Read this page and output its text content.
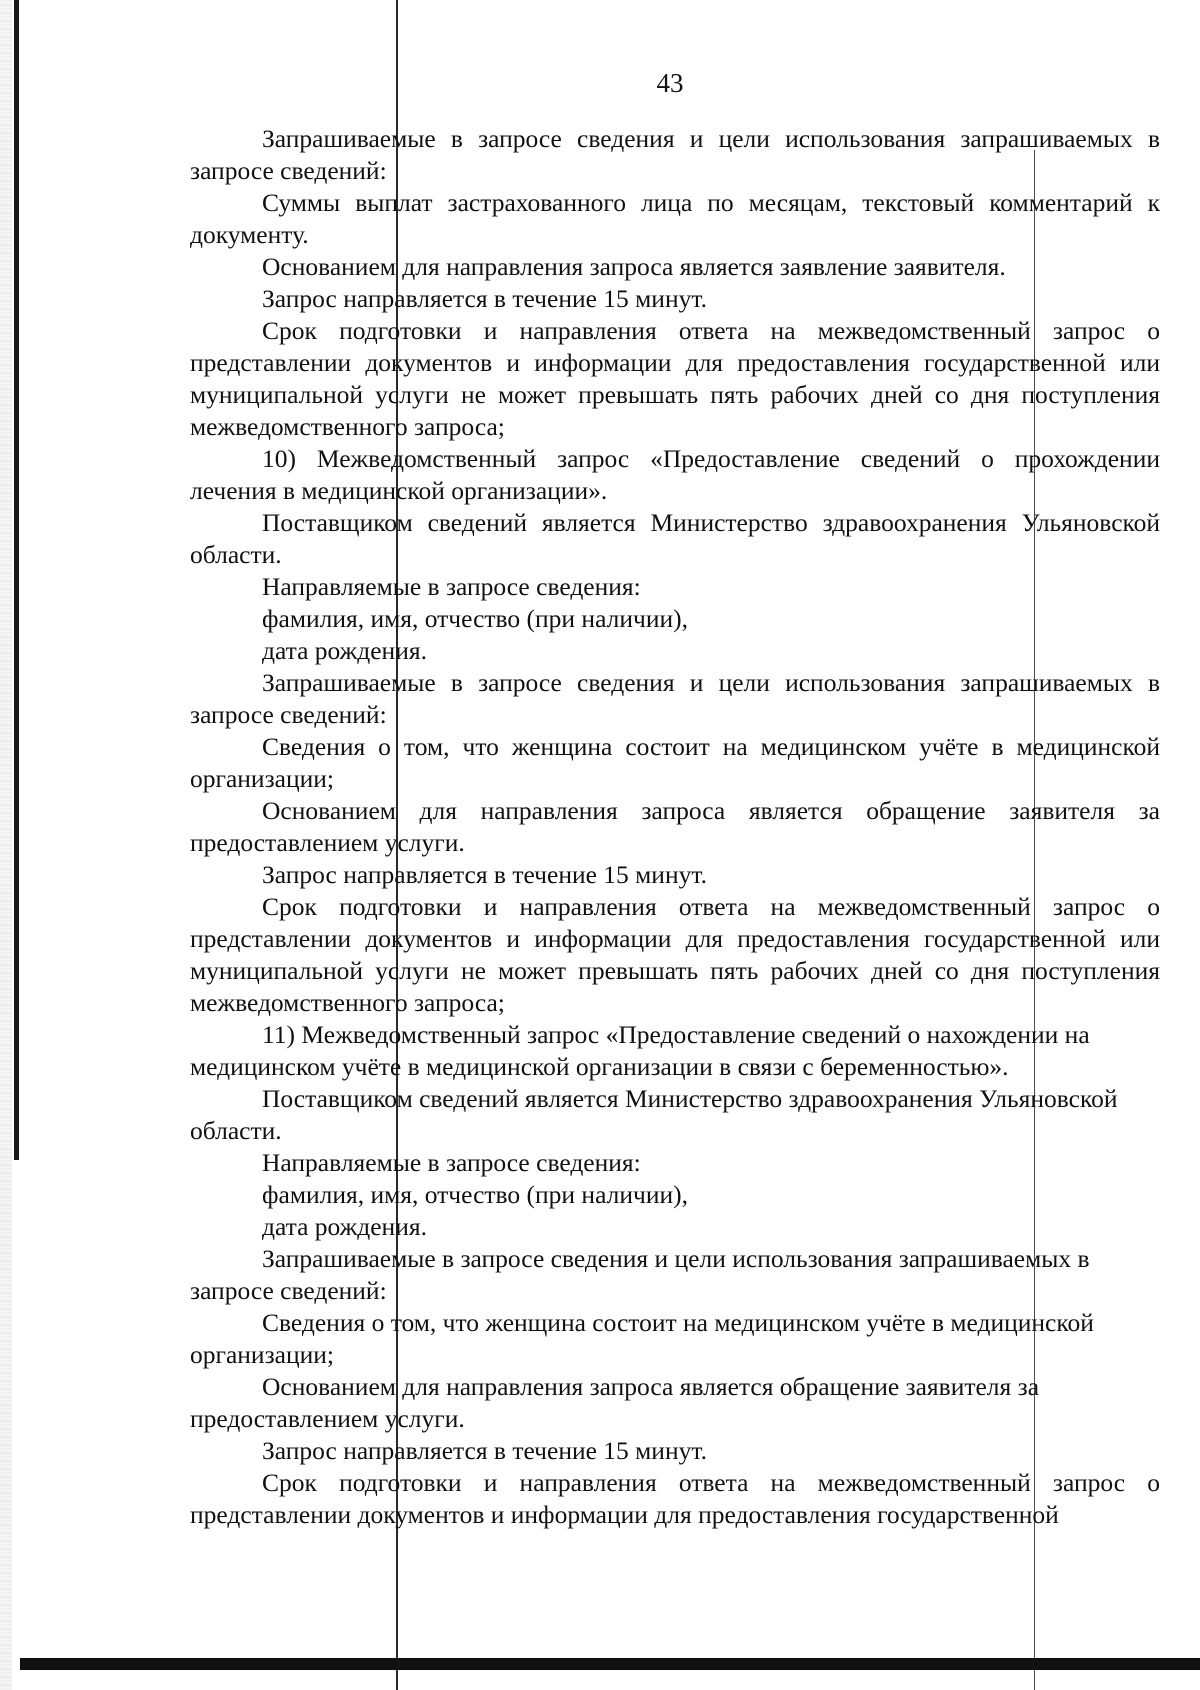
43

Запрашиваемые в запросе сведения и цели использования запрашиваемых в запросе сведений:

Суммы выплат застрахованного лица по месяцам, текстовый комментарий к документу.

Основанием для направления запроса является заявление заявителя.

Запрос направляется в течение 15 минут.

Срок подготовки и направления ответа на межведомственный запрос о представлении документов и информации для предоставления государственной или муниципальной услуги не может превышать пять рабочих дней со дня поступления межведомственного запроса;

10) Межведомственный запрос «Предоставление сведений о прохождении лечения в медицинской организации».

Поставщиком сведений является Министерство здравоохранения Ульяновской области.

Направляемые в запросе сведения:

фамилия, имя, отчество (при наличии),

дата рождения.

Запрашиваемые в запросе сведения и цели использования запрашиваемых в запросе сведений:

Сведения о том, что женщина состоит на медицинском учёте в медицинской организации;

Основанием для направления запроса является обращение заявителя за предоставлением услуги.

Запрос направляется в течение 15 минут.

Срок подготовки и направления ответа на межведомственный запрос о представлении документов и информации для предоставления государственной или муниципальной услуги не может превышать пять рабочих дней со дня поступления межведомственного запроса;

11) Межведомственный запрос «Предоставление сведений о нахождении на медицинском учёте в медицинской организации в связи с беременностью».

Поставщиком сведений является Министерство здравоохранения Ульяновской области.

Направляемые в запросе сведения:

фамилия, имя, отчество (при наличии),

дата рождения.

Запрашиваемые в запросе сведения и цели использования запрашиваемых в запросе сведений:

Сведения о том, что женщина состоит на медицинском учёте в медицинской организации;

Основанием для направления запроса является обращение заявителя за предоставлением услуги.

Запрос направляется в течение 15 минут.

Срок подготовки и направления ответа на межведомственный запрос о представлении документов и информации для предоставления государственной
